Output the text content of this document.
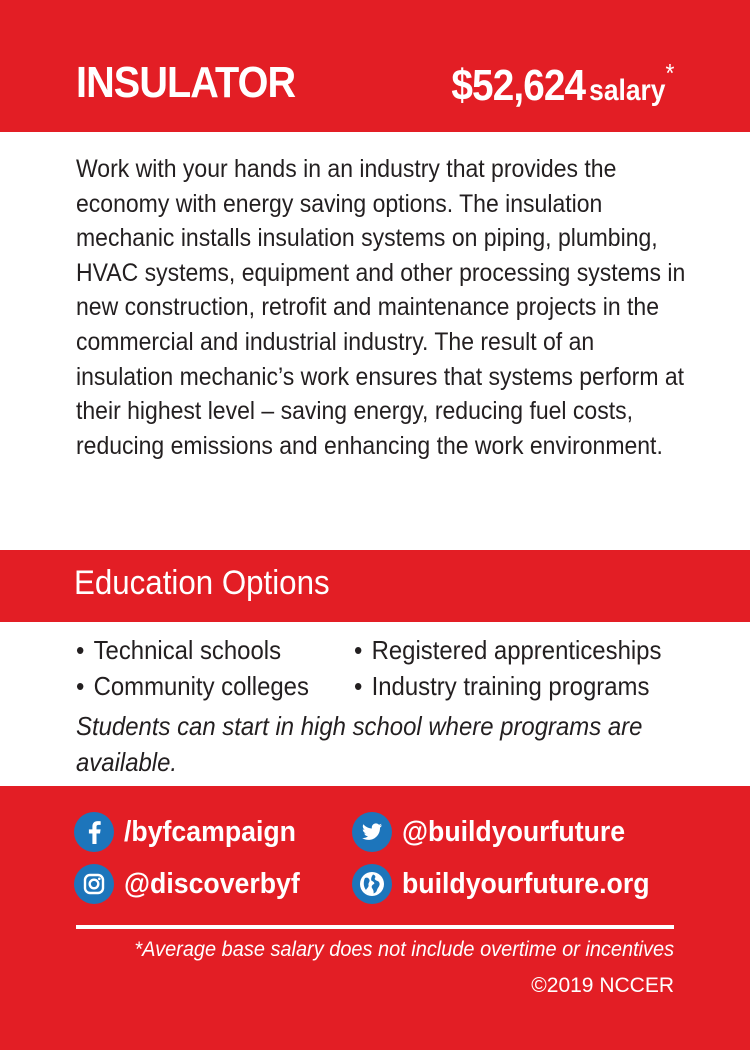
INSULATOR	$52,624 salary*
Work with your hands in an industry that provides the economy with energy saving options. The insulation mechanic installs insulation systems on piping, plumbing, HVAC systems, equipment and other processing systems in new construction, retrofit and maintenance projects in the commercial and industrial industry. The result of an insulation mechanic’s work ensures that systems perform at their highest level – saving energy, reducing fuel costs, reducing emissions and enhancing the work environment.
Education Options
• Technical schools
• Community colleges
• Registered apprenticeships
• Industry training programs
Students can start in high school where programs are available.
/byfcampaign	@buildyourfuture
@discoverbyf	buildyourfuture.org
*Average base salary does not include overtime or incentives
©2019 NCCER
